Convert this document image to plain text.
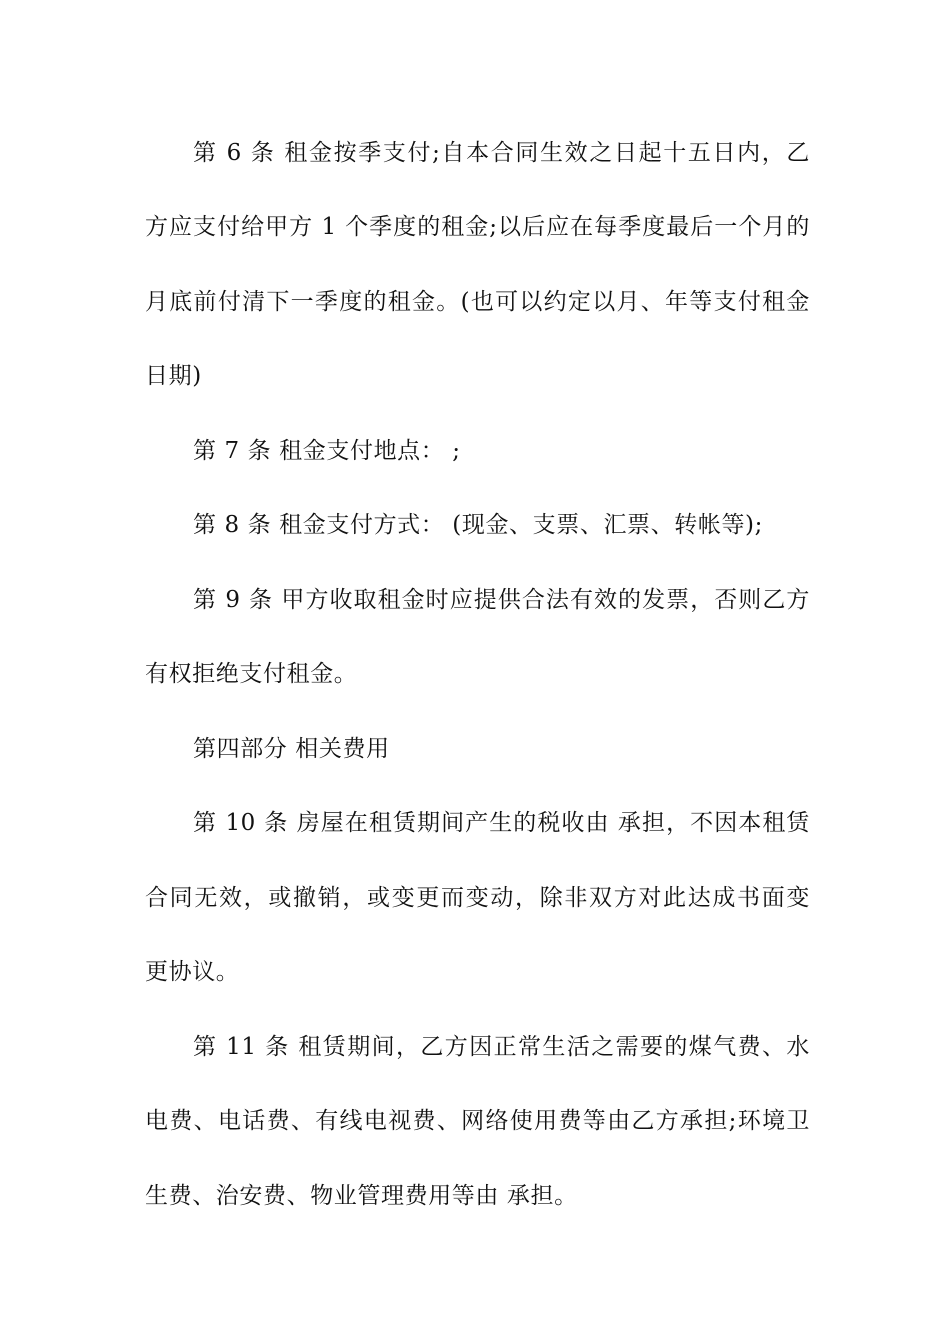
第 6 条 租金按季支付;自本合同生效之日起十五日内，乙
方应支付给甲方 1 个季度的租金;以后应在每季度最后一个月的
月底前付清下一季度的租金。(也可以约定以月、年等支付租金
日期)
第 7 条 租金支付地点： ;
第 8 条 租金支付方式： (现金、支票、汇票、转帐等);
第 9 条 甲方收取租金时应提供合法有效的发票，否则乙方
有权拒绝支付租金。
第四部分 相关费用
第 10 条 房屋在租赁期间产生的税收由 承担，不因本租赁
合同无效，或撤销，或变更而变动，除非双方对此达成书面变
更协议。
第 11 条 租赁期间，乙方因正常生活之需要的煤气费、水
电费、电话费、有线电视费、网络使用费等由乙方承担;环境卫
生费、治安费、物业管理费用等由 承担。
